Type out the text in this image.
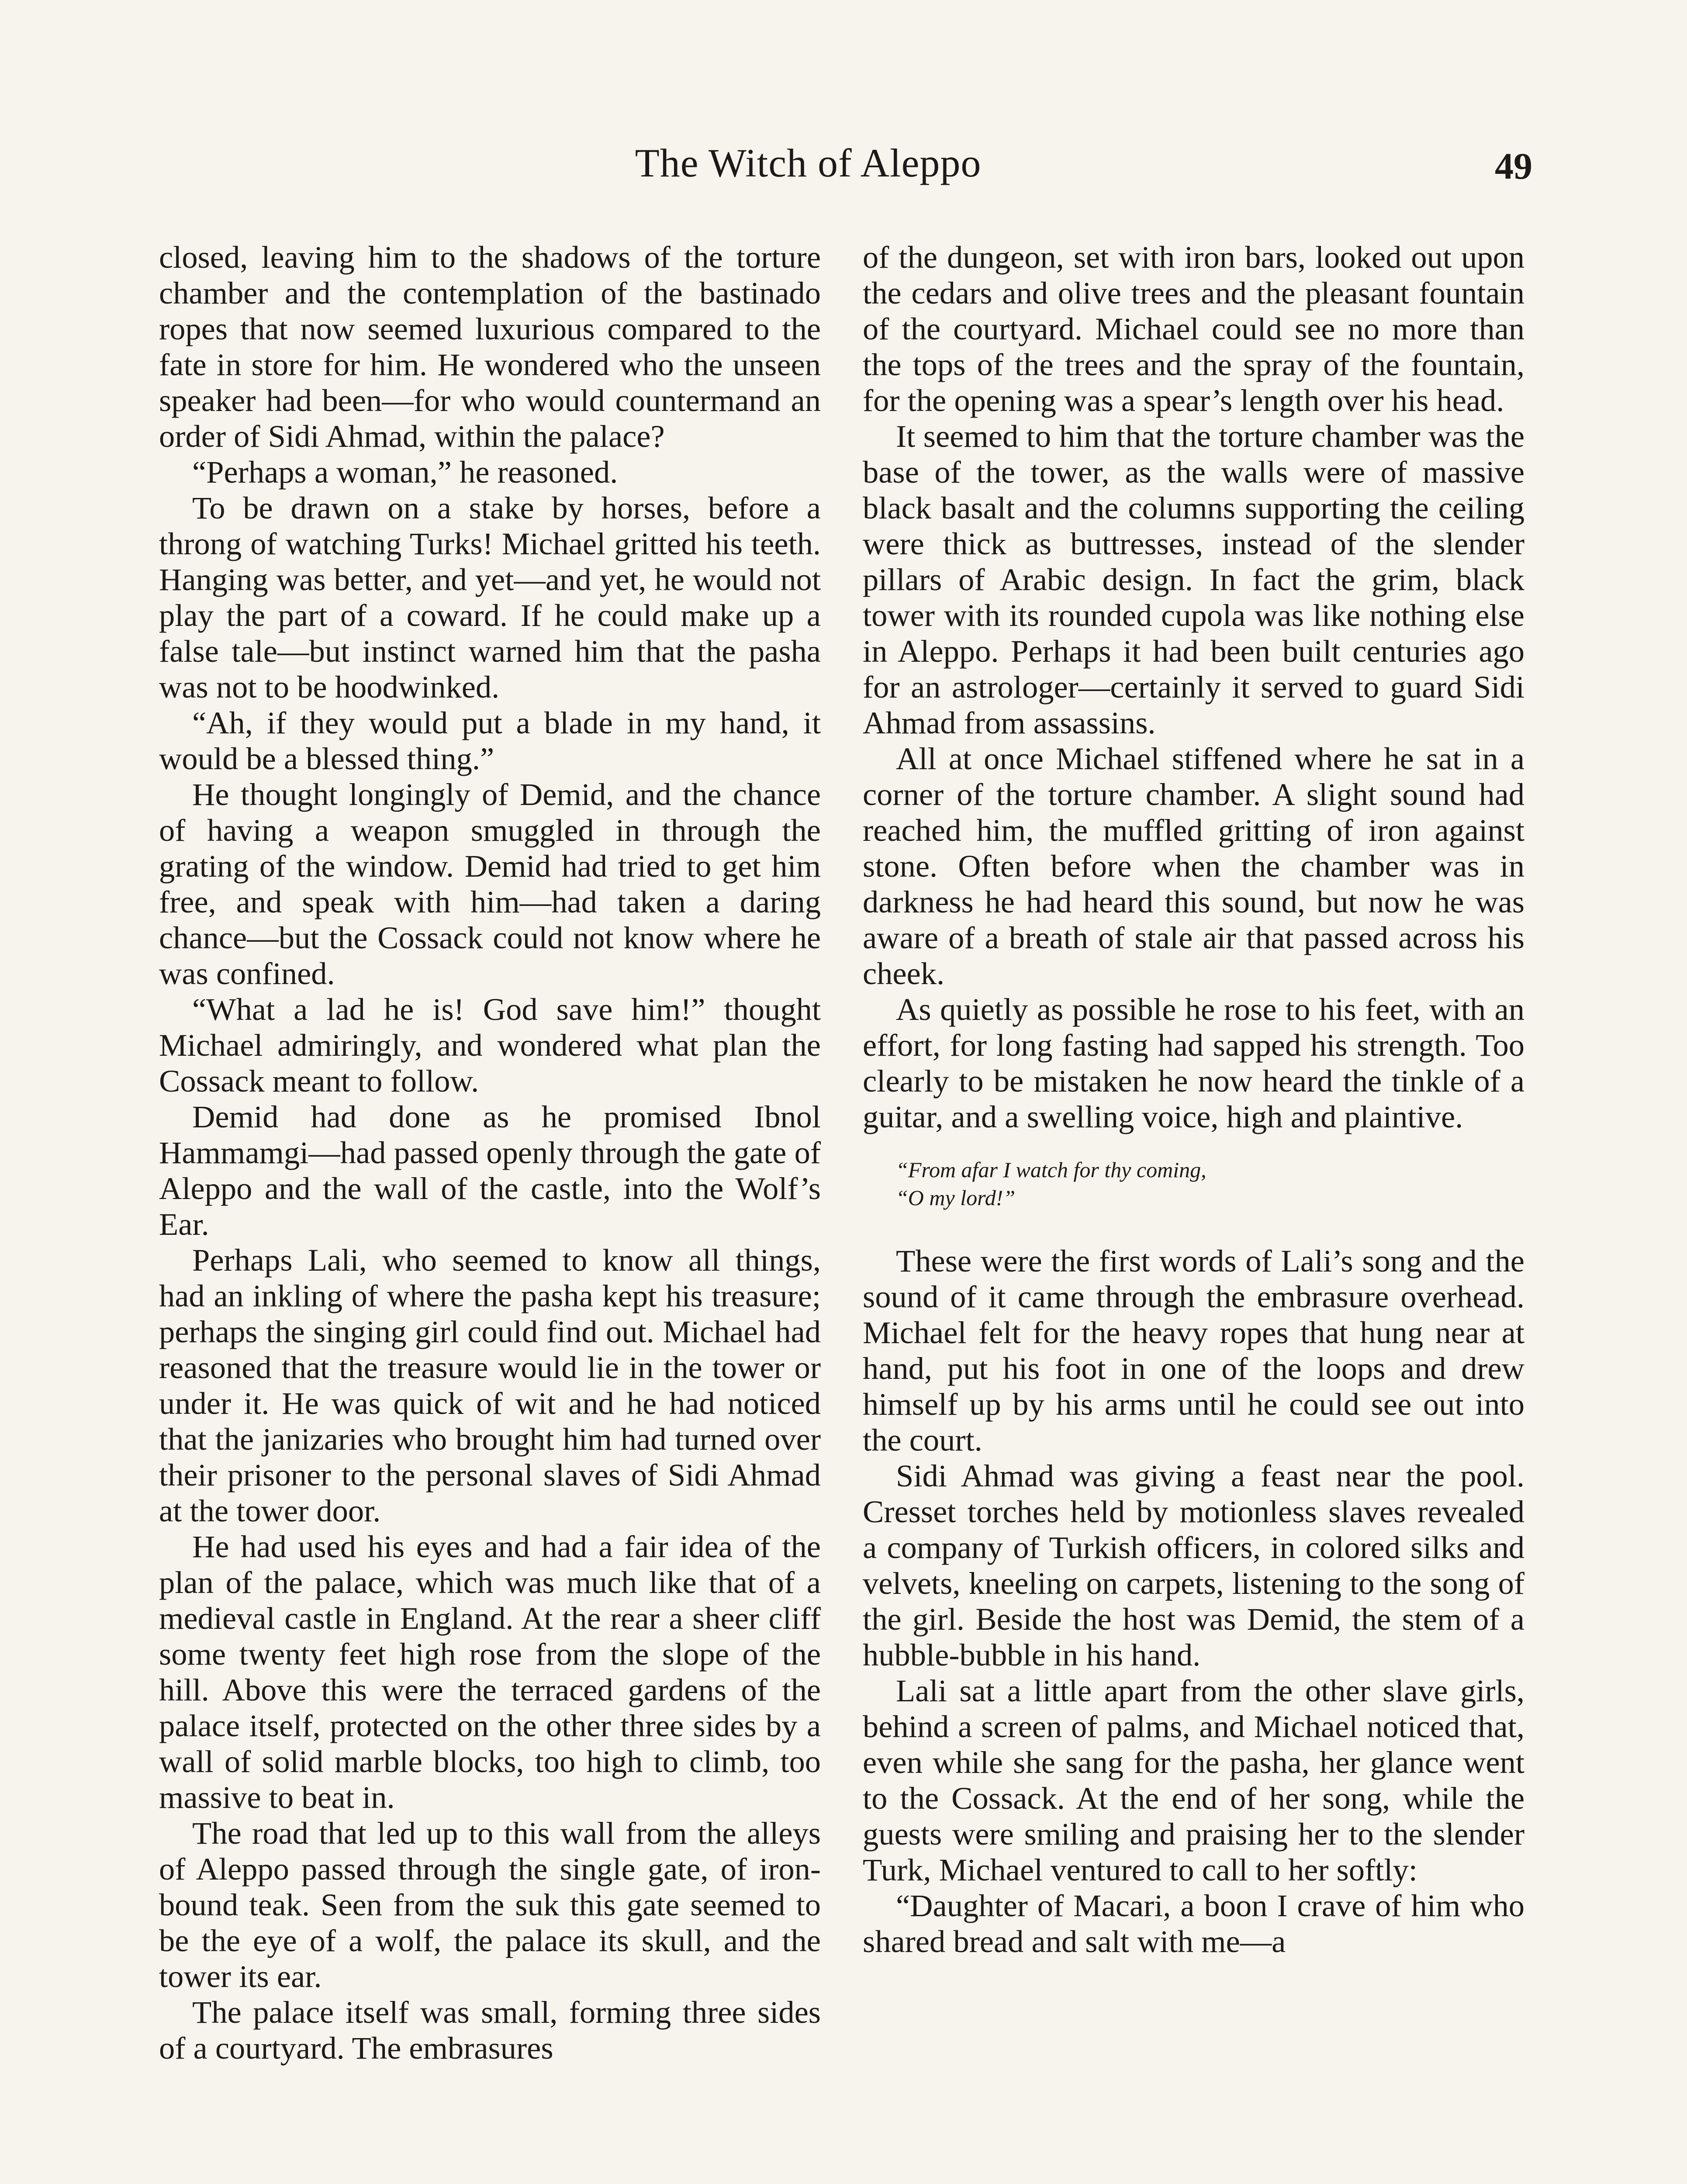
The Witch of Aleppo	49

closed, leaving him to the shadows of the torture chamber and the contemplation of the bastinado ropes that now seemed luxurious compared to the fate in store for him. He wondered who the unseen speaker had been—for who would countermand an order of Sidi Ahmad, within the palace?

“Perhaps a woman,” he reasoned.

To be drawn on a stake by horses, before a throng of watching Turks! Michael gritted his teeth. Hanging was better, and yet—and yet, he would not play the part of a coward. If he could make up a false tale—but instinct warned him that the pasha was not to be hoodwinked.

“Ah, if they would put a blade in my hand, it would be a blessed thing.”

He thought longingly of Demid, and the chance of having a weapon smuggled in through the grating of the window. Demid had tried to get him free, and speak with him—had taken a daring chance—but the Cossack could not know where he was confined.

“What a lad he is! God save him!” thought Michael admiringly, and wondered what plan the Cossack meant to follow.

Demid had done as he promised Ibnol Hammamgi—had passed openly through the gate of Aleppo and the wall of the castle, into the Wolf’s Ear.

Perhaps Lali, who seemed to know all things, had an inkling of where the pasha kept his treasure; perhaps the singing girl could find out. Michael had reasoned that the treasure would lie in the tower or under it. He was quick of wit and he had noticed that the janizaries who brought him had turned over their prisoner to the personal slaves of Sidi Ahmad at the tower door.

He had used his eyes and had a fair idea of the plan of the palace, which was much like that of a medieval castle in England. At the rear a sheer cliff some twenty feet high rose from the slope of the hill. Above this were the terraced gardens of the palace itself, protected on the other three sides by a wall of solid marble blocks, too high to climb, too massive to beat in.

The road that led up to this wall from the alleys of Aleppo passed through the single gate, of iron-bound teak. Seen from the suk this gate seemed to be the eye of a wolf, the palace its skull, and the tower its ear.

The palace itself was small, forming three sides of a courtyard. The embrasures

of the dungeon, set with iron bars, looked out upon the cedars and olive trees and the pleasant fountain of the courtyard. Michael could see no more than the tops of the trees and the spray of the fountain, for the opening was a spear’s length over his head.

It seemed to him that the torture chamber was the base of the tower, as the walls were of massive black basalt and the columns supporting the ceiling were thick as buttresses, instead of the slender pillars of Arabic design. In fact the grim, black tower with its rounded cupola was like nothing else in Aleppo. Perhaps it had been built centuries ago for an astrologer—certainly it served to guard Sidi Ahmad from assassins.

All at once Michael stiffened where he sat in a corner of the torture chamber. A slight sound had reached him, the muffled gritting of iron against stone. Often before when the chamber was in darkness he had heard this sound, but now he was aware of a breath of stale air that passed across his cheek.

As quietly as possible he rose to his feet, with an effort, for long fasting had sapped his strength. Too clearly to be mistaken he now heard the tinkle of a guitar, and a swelling voice, high and plaintive.

“From afar I watch for thy coming,
“O my lord!”

These were the first words of Lali’s song and the sound of it came through the embrasure overhead. Michael felt for the heavy ropes that hung near at hand, put his foot in one of the loops and drew himself up by his arms until he could see out into the court.

Sidi Ahmad was giving a feast near the pool. Cresset torches held by motionless slaves revealed a company of Turkish officers, in colored silks and velvets, kneeling on carpets, listening to the song of the girl. Beside the host was Demid, the stem of a hubble-bubble in his hand.

Lali sat a little apart from the other slave girls, behind a screen of palms, and Michael noticed that, even while she sang for the pasha, her glance went to the Cossack. At the end of her song, while the guests were smiling and praising her to the slender Turk, Michael ventured to call to her softly:

“Daughter of Macari, a boon I crave of him who shared bread and salt with me—a
